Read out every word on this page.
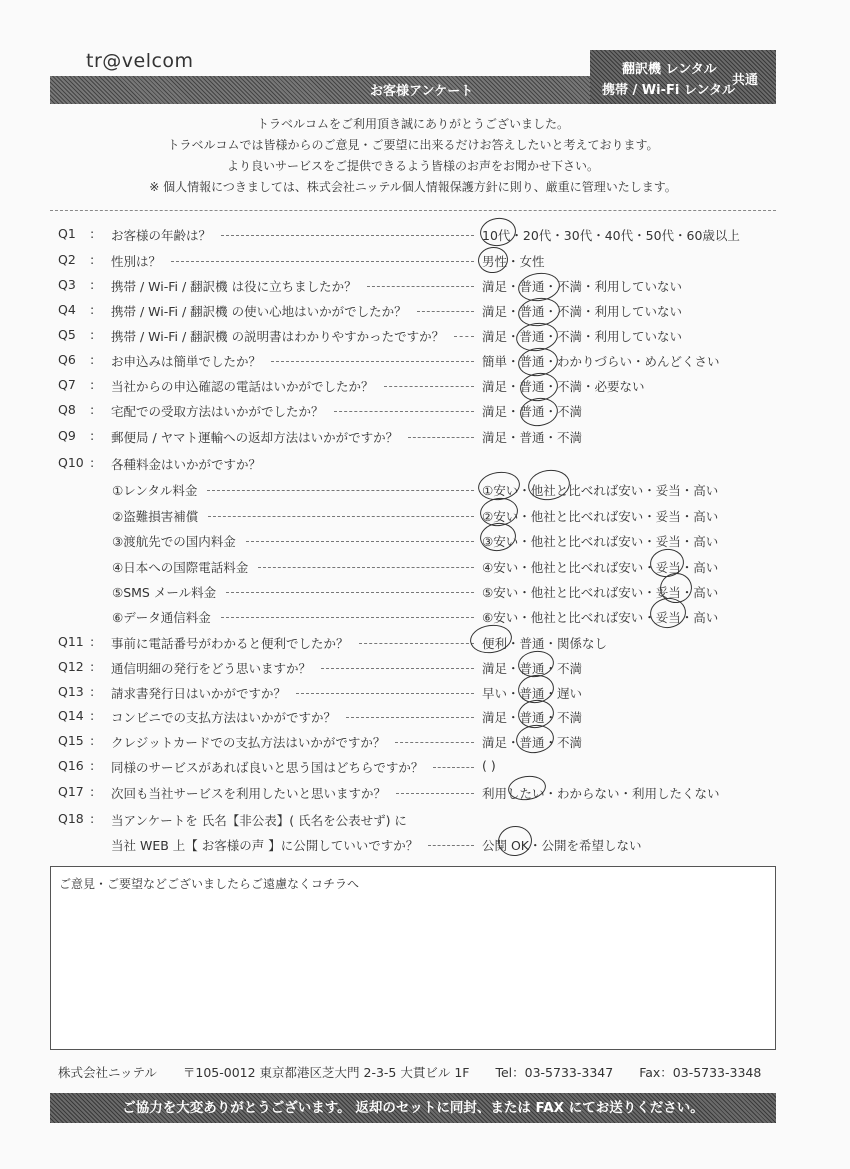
tr@velcom
お客様アンケート
翻訳機 レンタル
携帯 / Wi-Fi レンタル
共通
トラベルコムをご利用頂き誠にありがとうございました。
トラベルコムでは皆様からのご意見・ご要望に出来るだけお答えしたいと考えております。
より良いサービスをご提供できるよう皆様のお声をお聞かせ下さい。
※ 個人情報につきましては、株式会社ニッテル個人情報保護方針に則り、厳重に管理いたします。
Q1 : お客様の年齢は？	10代・20代・30代・40代・50代・60歳以上
Q2 : 性別は？	男性・女性
Q3 : 携帯 / Wi-Fi / 翻訳機 は役に立ちましたか？	満足・普通・不満・利用していない
Q4 : 携帯 / Wi-Fi / 翻訳機 の使い心地はいかがでしたか？	満足・普通・不満・利用していない
Q5 : 携帯 / Wi-Fi / 翻訳機 の説明書はわかりやすかったですか？	満足・普通・不満・利用していない
Q6 : お申込みは簡単でしたか？	簡単・普通・わかりづらい・めんどくさい
Q7 : 当社からの申込確認の電話はいかがでしたか？	満足・普通・不満・必要ない
Q8 : 宅配での受取方法はいかがでしたか？	満足・普通・不満
Q9 : 郵便局 / ヤマト運輸への返却方法はいかがですか？	満足・普通・不満
Q10 : 各種料金はいかがですか？
①レンタル料金	①安い・他社と比べれば安い・妥当・高い
②盗難損害補償	②安い・他社と比べれば安い・妥当・高い
③渡航先での国内料金	③安い・他社と比べれば安い・妥当・高い
④日本への国際電話料金	④安い・他社と比べれば安い・妥当・高い
⑤SMS メール料金	⑤安い・他社と比べれば安い・妥当・高い
⑥データ通信料金	⑥安い・他社と比べれば安い・妥当・高い
Q11 : 事前に電話番号がわかると便利でしたか？	便利・普通・関係なし
Q12 : 通信明細の発行をどう思いますか？	満足・普通・不満
Q13 : 請求書発行日はいかがですか？	早い・普通・遅い
Q14 : コンビニでの支払方法はいかがですか？	満足・普通・不満
Q15 : クレジットカードでの支払方法はいかがですか？	満足・普通・不満
Q16 : 同様のサービスがあれば良いと思う国はどちらですか？	( )
Q17 : 次回も当社サービスを利用したいと思いますか？	利用したい・わからない・利用したくない
Q18 : 当アンケートを 氏名【非公表】( 氏名を公表せず) に
当社 WEB 上【 お客様の声 】に公開していいですか？	公開 OK・公開を希望しない
ご意見・ご要望などございましたらご遠慮なくコチラへ
株式会社ニッテル 〒105-0012 東京都港区芝大門 2-3-5 大貫ビル 1F Tel：03-5733-3347 Fax：03-5733-3348
ご協力を大変ありがとうございます。 返却のセットに同封、または FAX にてお送りください。
